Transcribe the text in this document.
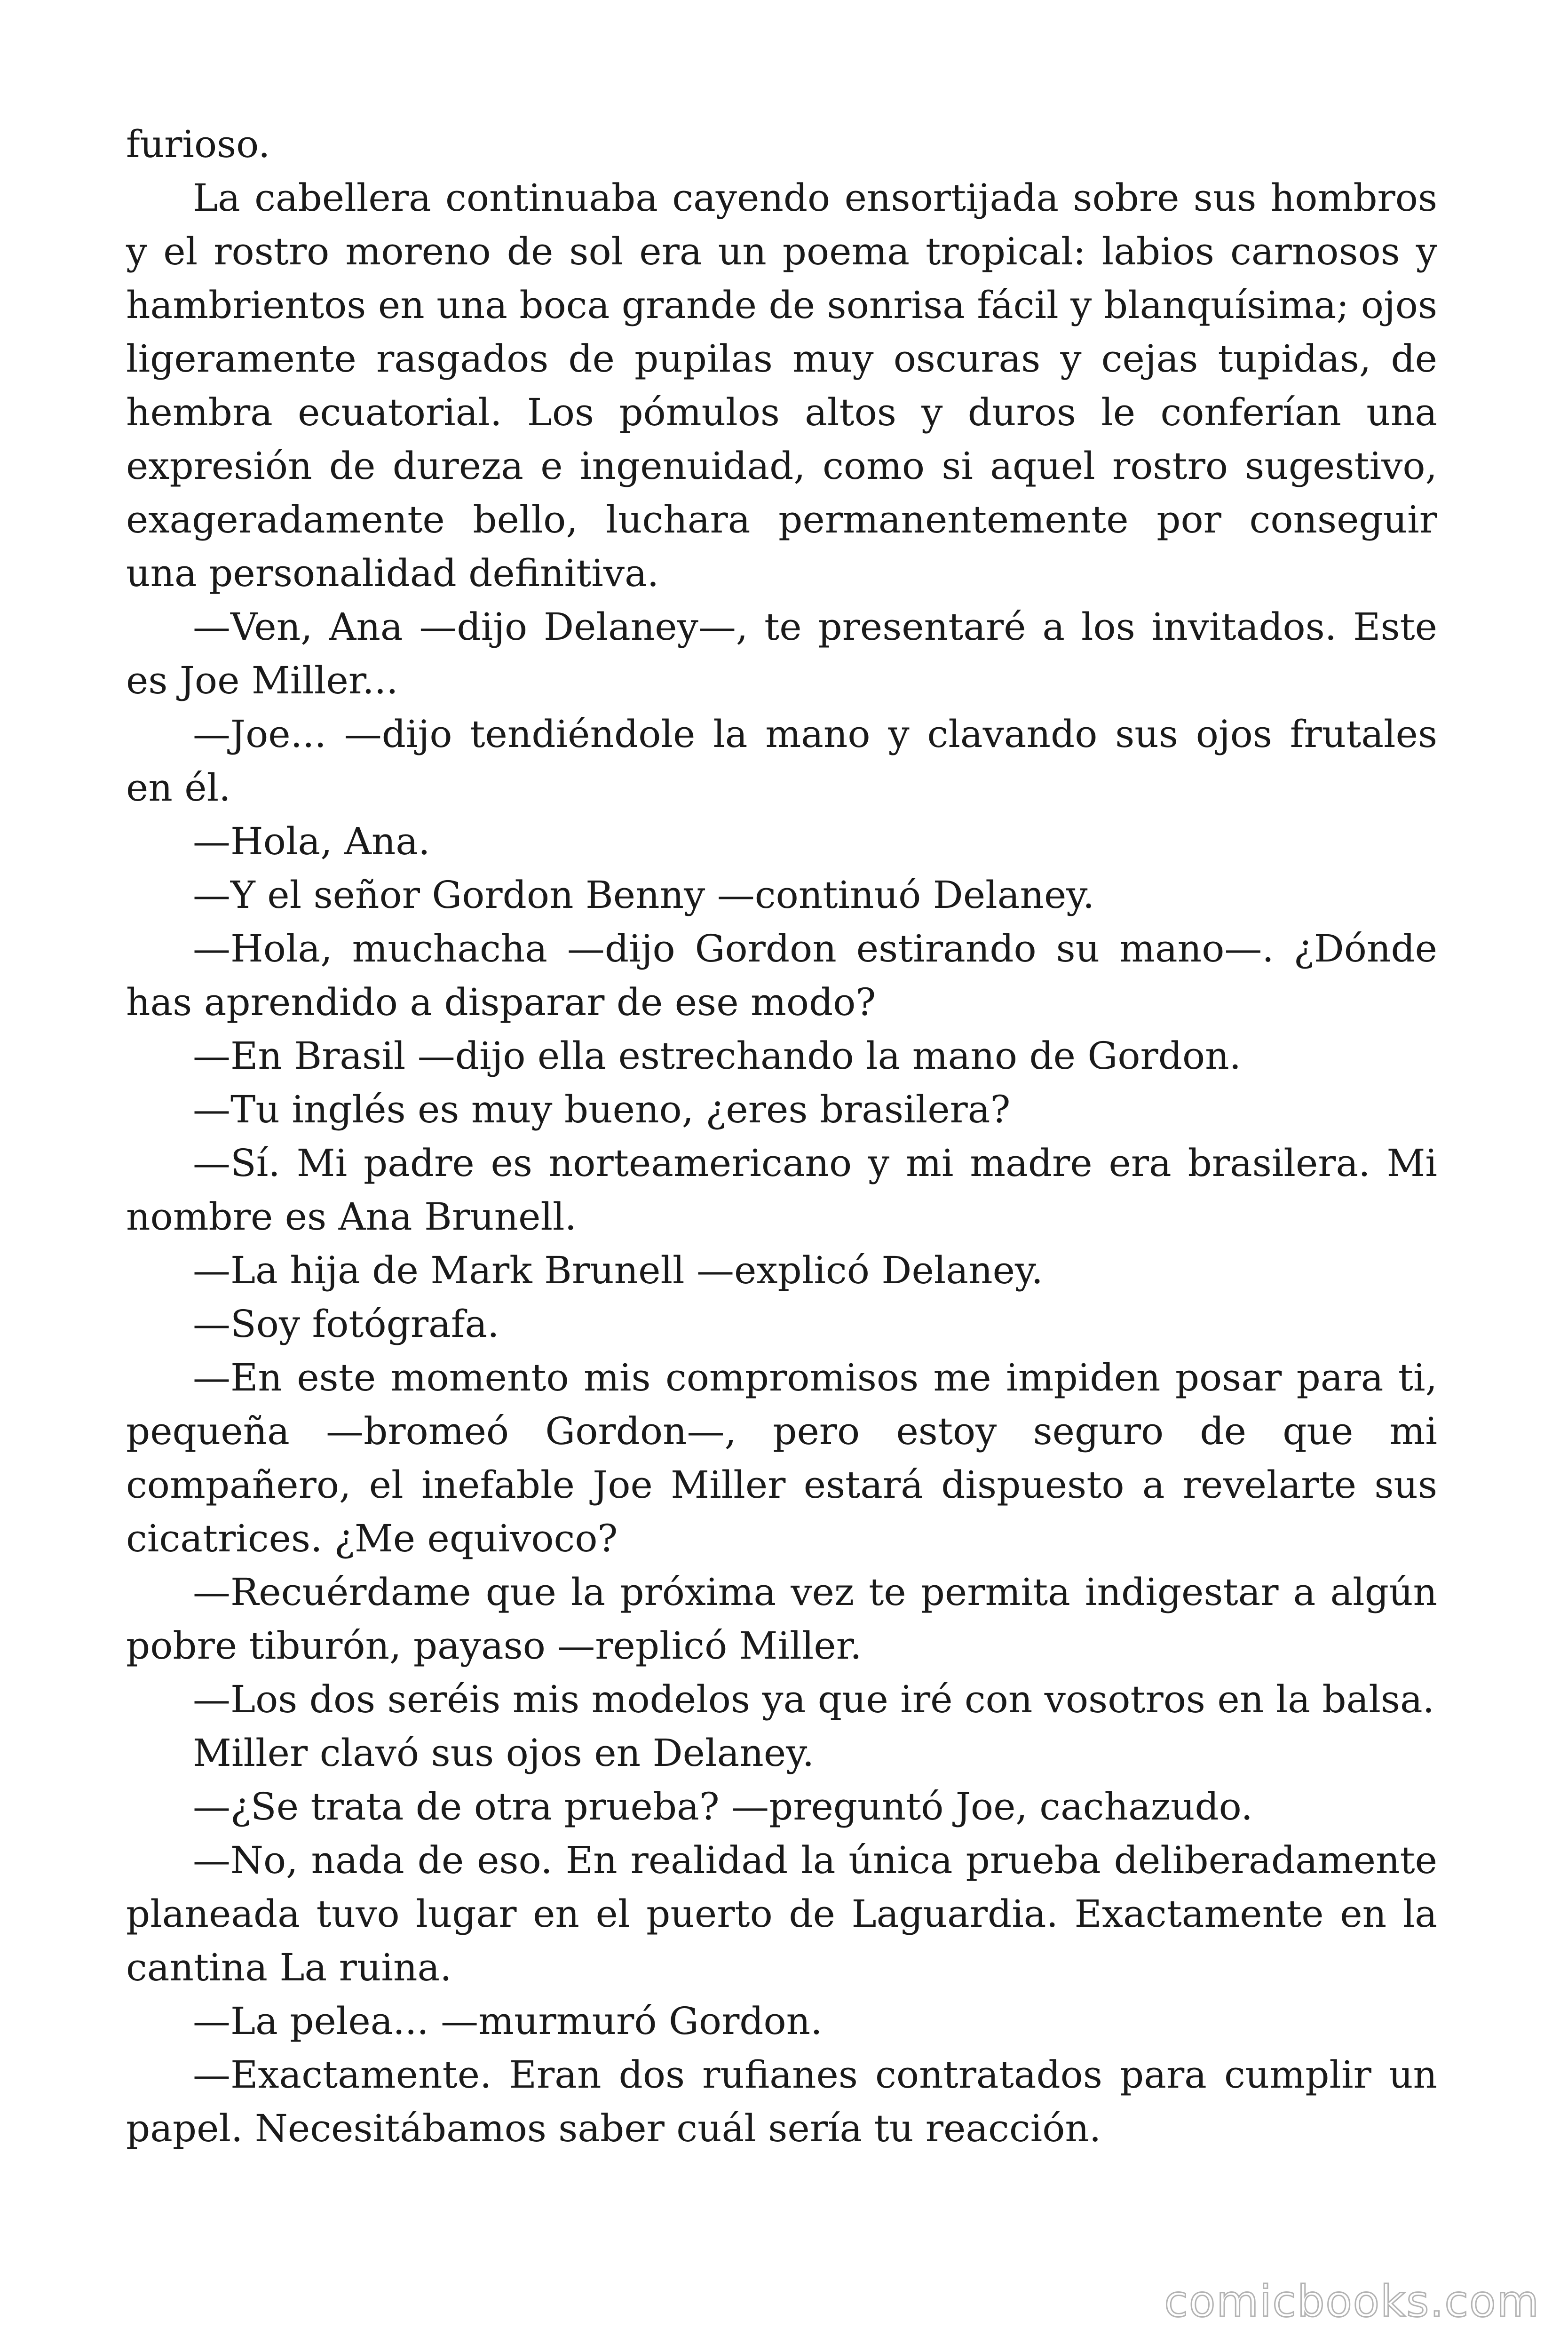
furioso.

La cabellera continuaba cayendo ensortijada sobre sus hombros y el rostro moreno de sol era un poema tropical: labios carnosos y hambrientos en una boca grande de sonrisa fácil y blanquísima; ojos ligeramente rasgados de pupilas muy oscuras y cejas tupidas, de hembra ecuatorial. Los pómulos altos y duros le conferían una expresión de dureza e ingenuidad, como si aquel rostro sugestivo, exageradamente bello, luchara permanentemente por conseguir una personalidad definitiva.

—Ven, Ana —dijo Delaney—, te presentaré a los invitados. Este es Joe Miller...

—Joe... —dijo tendiéndole la mano y clavando sus ojos frutales en él.

—Hola, Ana.

—Y el señor Gordon Benny —continuó Delaney.

—Hola, muchacha —dijo Gordon estirando su mano—. ¿Dónde has aprendido a disparar de ese modo?

—En Brasil —dijo ella estrechando la mano de Gordon.

—Tu inglés es muy bueno, ¿eres brasilera?

—Sí. Mi padre es norteamericano y mi madre era brasilera. Mi nombre es Ana Brunell.

—La hija de Mark Brunell —explicó Delaney.

—Soy fotógrafa.

—En este momento mis compromisos me impiden posar para ti, pequeña —bromeó Gordon—, pero estoy seguro de que mi compañero, el inefable Joe Miller estará dispuesto a revelarte sus cicatrices. ¿Me equivoco?

—Recuérdame que la próxima vez te permita indigestar a algún pobre tiburón, payaso —replicó Miller.

—Los dos seréis mis modelos ya que iré con vosotros en la balsa.

Miller clavó sus ojos en Delaney.

—¿Se trata de otra prueba? —preguntó Joe, cachazudo.

—No, nada de eso. En realidad la única prueba deliberadamente planeada tuvo lugar en el puerto de Laguardia. Exactamente en la cantina La ruina.

—La pelea... —murmuró Gordon.

—Exactamente. Eran dos rufianes contratados para cumplir un papel. Necesitábamos saber cuál sería tu reacción.

comicbooks.com
